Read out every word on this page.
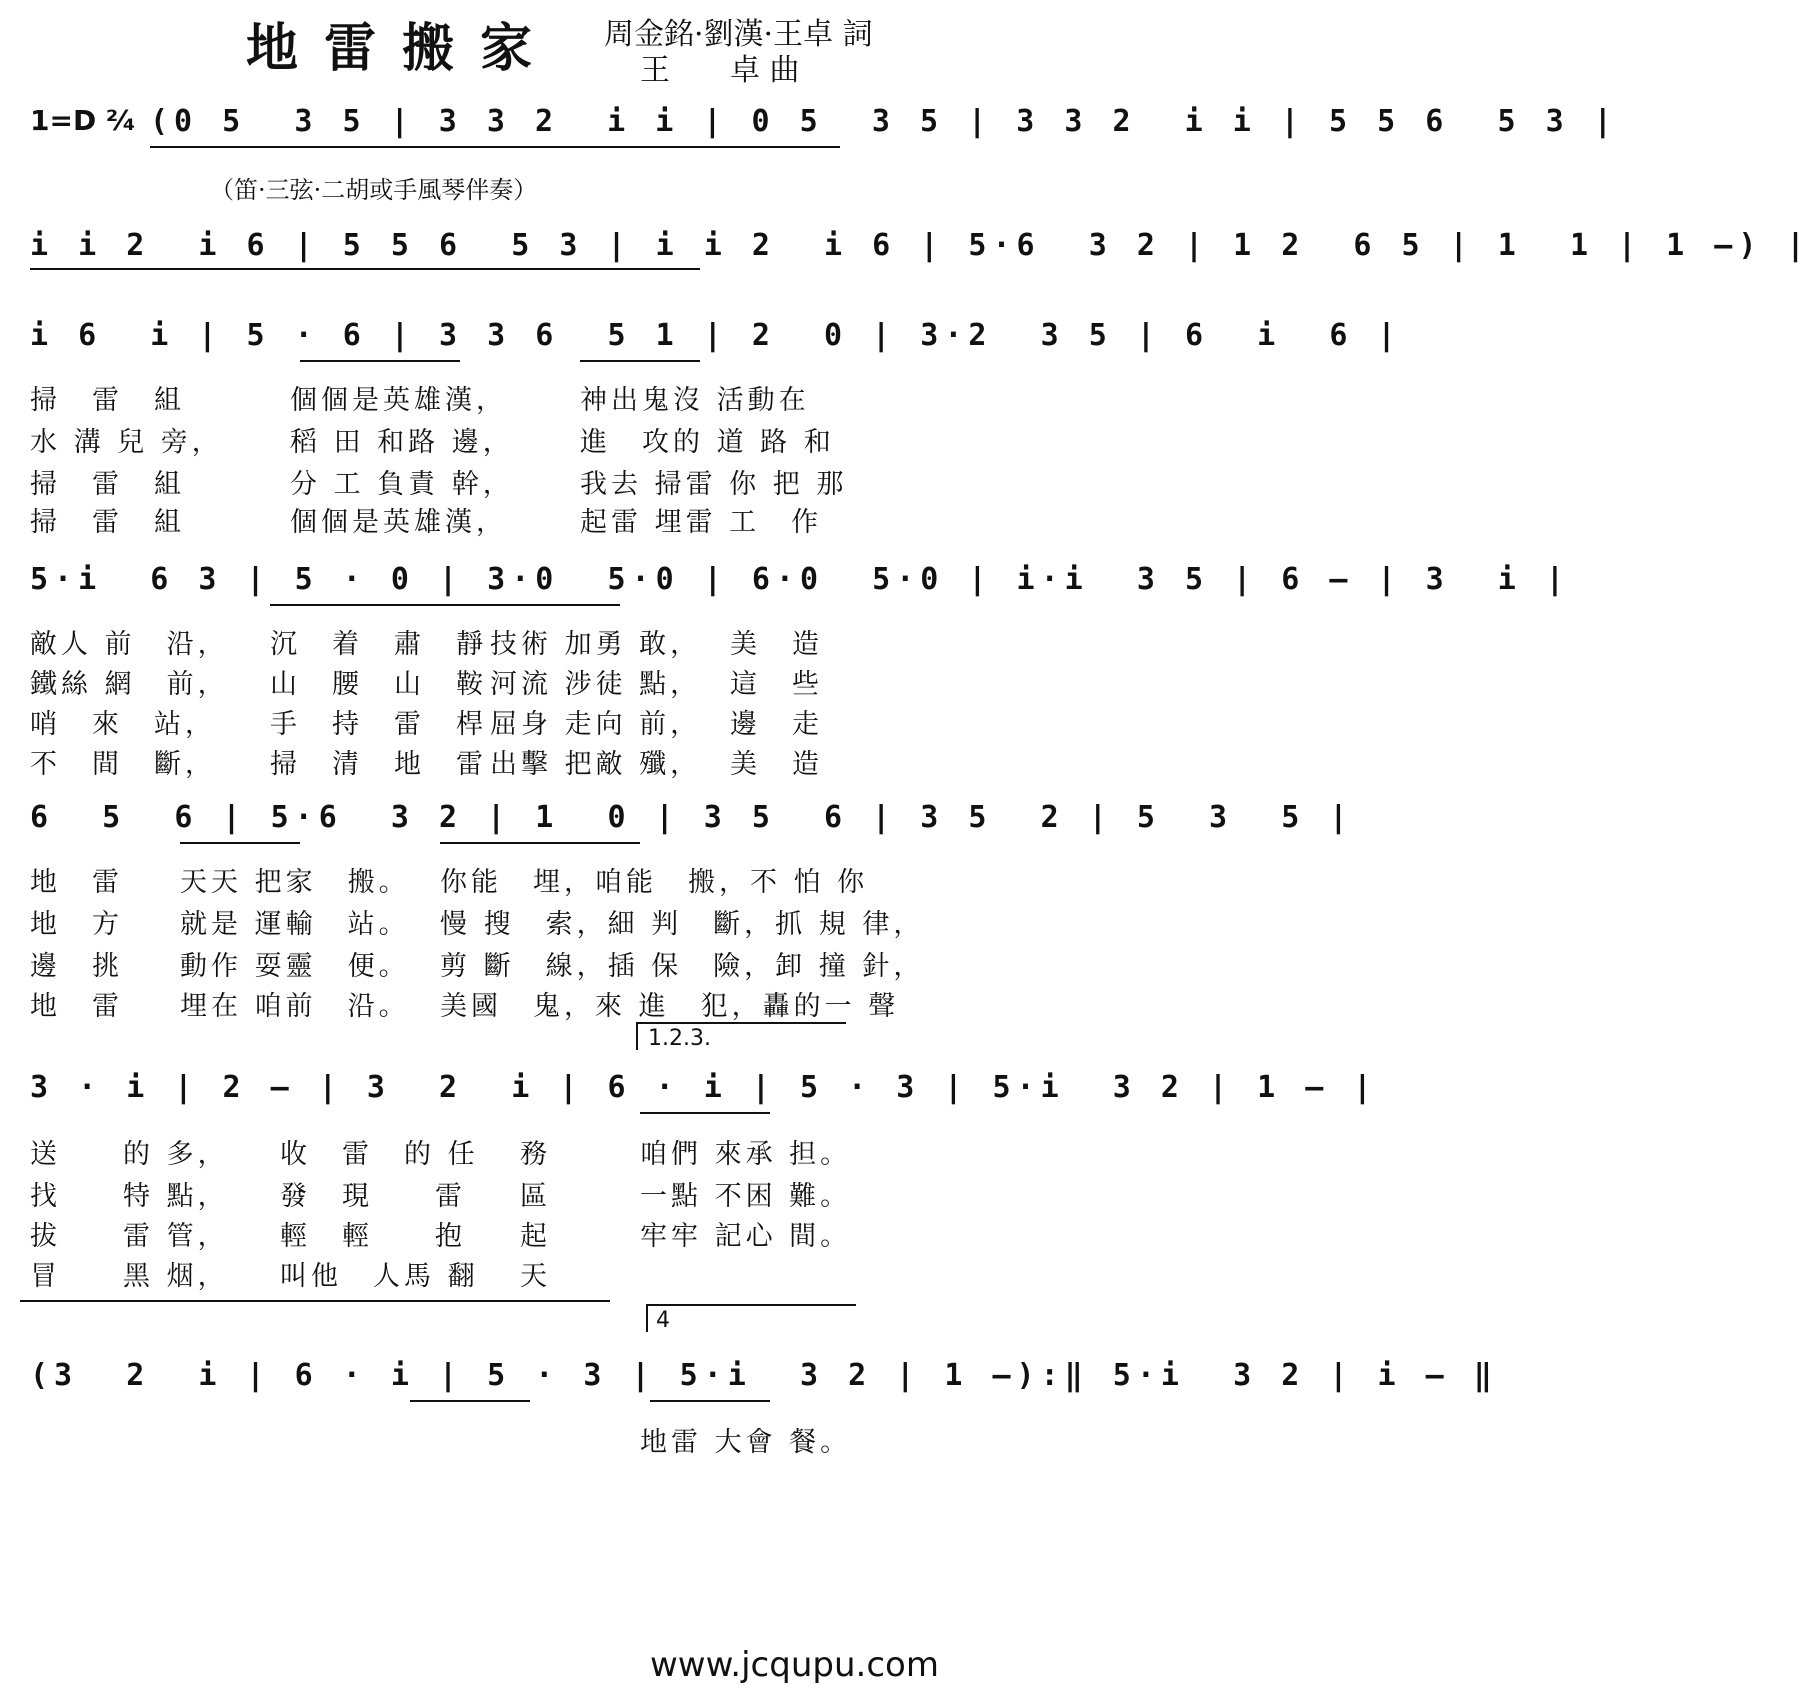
地雷搬家 周金銘·劉漢·王卓 詞
王　　卓 曲
1=D ²⁄₄ (0 5  3 5 | 3 3 2  i i | 0 5  3 5 | 3 3 2  i i | 5 5 6  5 3 |
（笛·三弦·二胡或手風琴伴奏）
i i 2  i 6 | 5 5 6  5 3 | i i 2  i 6 | 5·6  3 2 | 1 2  6 5 | 1  1 | 1 —) |
i 6  i | 5 · 6 | 3 3 6  5 1 | 2  0 | 3·2  3 5 | 6  i  6 |
掃　雷　組	個個是英雄漢，	神出鬼沒 活動在
水 溝 兒 旁， 稻 田 和路 邊， 進　攻的 道 路 和
掃　雷　組	分 工 負責 幹， 我去 掃雷 你 把 那
掃　雷　組	個個是英雄漢，	起雷 埋雷 工　作
5·i  6 3 | 5 · 0 | 3·0  5·0 | 6·0  5·0 | i·i  3 5 | 6 — | 3  i |
敵人 前　沿， 沉　着　肅　靜 技術 加勇 敢， 美　造
鐵絲 網　前， 山　腰　山　鞍 河流 涉徒 點， 這　些
哨　來　站， 手　持　雷　桿 屈身 走向 前， 邊　走
不　間　斷， 掃　清　地　雷 出擊 把敵 殲， 美　造
6  5  6 | 5·6  3 2 | 1  0 | 3 5  6 | 3 5  2 | 5  3  5 |
地　雷 天天 把家　搬。 你能　埋，咱能　搬，不 怕 你
地　方 就是 運輸　站。 慢 搜　索，細 判　斷，抓 規 律，
邊　挑 動作 耍靈　便。 剪 斷　線，插 保　險，卸 撞 針，
地　雷 埋在 咱前　沿。 美國　鬼，來 進　犯，轟的一 聲
1.2.3.
3 · i | 2 — | 3  2  i | 6 · i | 5 · 3 | 5·i  3 2 | 1 — |
送　　的 多， 收　雷　的 任 務	咱們 來承 担。
找　　特 點， 發　現　　雷 區	一點 不困 難。
拔　　雷 管， 輕　輕　　抱 起	牢牢 記心 間。
冒　　黑 烟， 叫他　人馬 翻 天
4
(3  2  i | 6 · i | 5 · 3 | 5·i  3 2 | 1 —):‖ 5·i  3 2 | i — ‖
地雷 大會 餐。
www.jcqupu.com
